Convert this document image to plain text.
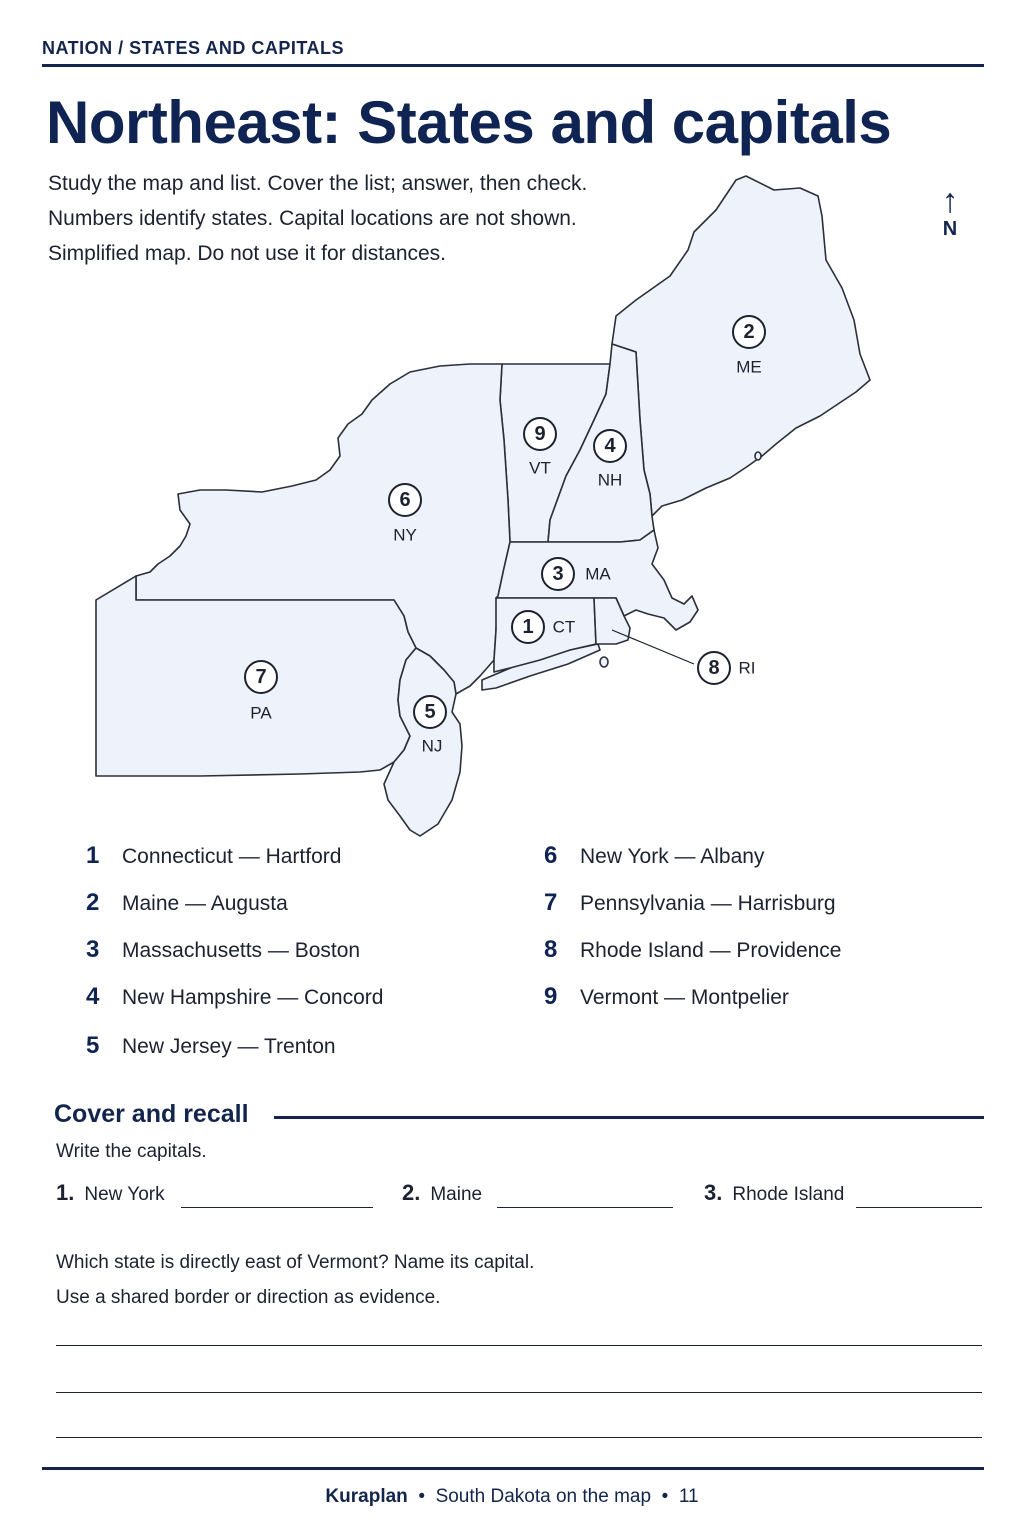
NATION / STATES AND CAPITALS
Northeast: States and capitals
Study the map and list. Cover the list; answer, then check.
Numbers identify states. Capital locations are not shown.
Simplified map. Do not use it for distances.
↑
N
2
ME
9
VT
4
NH
6
NY
3 MA
1 CT
8 RI
7
PA	5
NJ
1 Connecticut — Hartford
2 Maine — Augusta
3 Massachusetts — Boston
4 New Hampshire — Concord
5 New Jersey — Trenton
6 New York — Albany
7 Pennsylvania — Harrisburg
8 Rhode Island — Providence
9 Vermont — Montpelier
Cover and recall
Write the capitals.
1. New York	2. Maine	3. Rhode Island
Which state is directly east of Vermont? Name its capital.
Use a shared border or direction as evidence.
Kuraplan • South Dakota on the map • 11
